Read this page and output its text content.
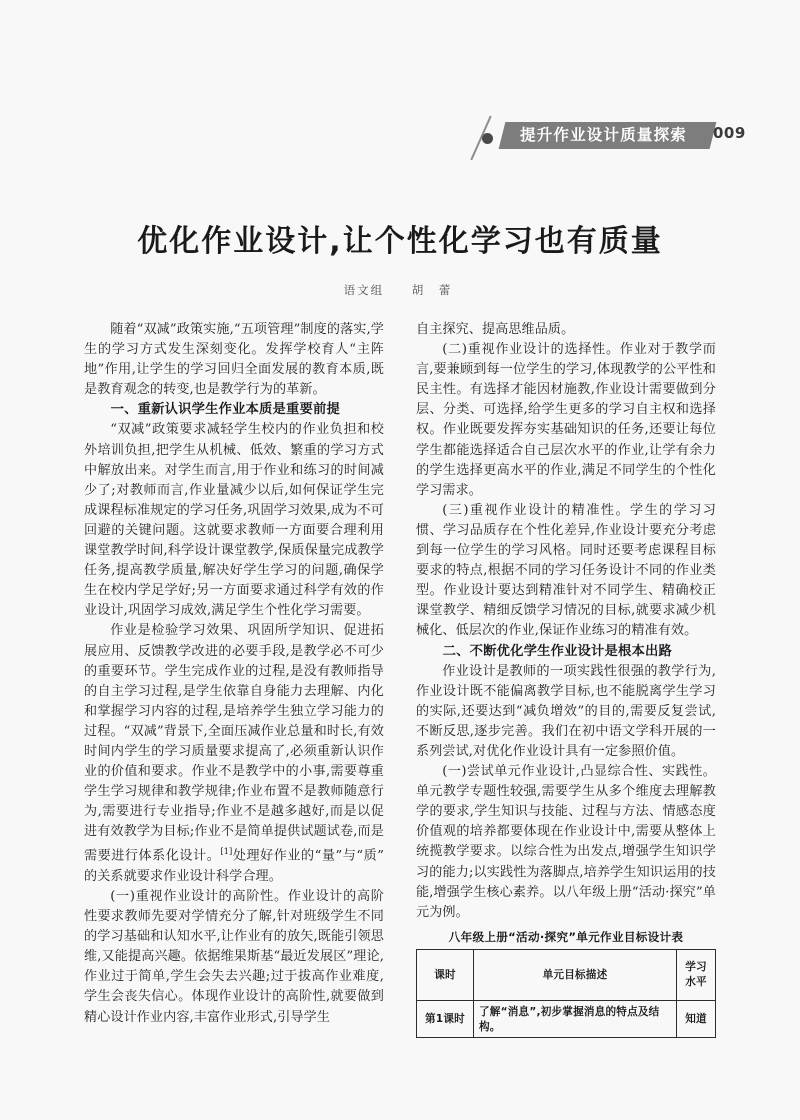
提升作业设计质量探索	009
优化作业设计,让个性化学习也有质量
语文组 胡 蕾

随着“双减”政策实施,“五项管理”制度的落实,学生的学习方式发生深刻变化。发挥学校育人“主阵地”作用,让学生的学习回归全面发展的教育本质,既是教育观念的转变,也是教学行为的革新。

一、重新认识学生作业本质是重要前提

“双减”政策要求减轻学生校内的作业负担和校外培训负担,把学生从机械、低效、繁重的学习方式中解放出来。对学生而言,用于作业和练习的时间减少了;对教师而言,作业量减少以后,如何保证学生完成课程标准规定的学习任务,巩固学习效果,成为不可回避的关键问题。这就要求教师一方面要合理利用课堂教学时间,科学设计课堂教学,保质保量完成教学任务,提高教学质量,解决好学生学习的问题,确保学生在校内学足学好;另一方面要求通过科学有效的作业设计,巩固学习成效,满足学生个性化学习需要。

作业是检验学习效果、巩固所学知识、促进拓展应用、反馈教学改进的必要手段,是教学必不可少的重要环节。学生完成作业的过程,是没有教师指导的自主学习过程,是学生依靠自身能力去理解、内化和掌握学习内容的过程,是培养学生独立学习能力的过程。“双减”背景下,全面压减作业总量和时长,有效时间内学生的学习质量要求提高了,必须重新认识作业的价值和要求。作业不是教学中的小事,需要尊重学生学习规律和教学规律;作业布置不是教师随意行为,需要进行专业指导;作业不是越多越好,而是以促进有效教学为目标;作业不是简单提供试题试卷,而是需要进行体系化设计。[1]处理好作业的“量”与“质”的关系就要求作业设计科学合理。

(一)重视作业设计的高阶性。作业设计的高阶性要求教师先要对学情充分了解,针对班级学生不同的学习基础和认知水平,让作业有的放矢,既能引领思维,又能提高兴趣。依据维果斯基“最近发展区”理论,作业过于简单,学生会失去兴趣;过于拔高作业难度,学生会丧失信心。体现作业设计的高阶性,就要做到精心设计作业内容,丰富作业形式,引导学生

自主探究、提高思维品质。

(二)重视作业设计的选择性。作业对于教学而言,要兼顾到每一位学生的学习,体现教学的公平性和民主性。有选择才能因材施教,作业设计需要做到分层、分类、可选择,给学生更多的学习自主权和选择权。作业既要发挥夯实基础知识的任务,还要让每位学生都能选择适合自己层次水平的作业,让学有余力的学生选择更高水平的作业,满足不同学生的个性化学习需求。

(三)重视作业设计的精准性。学生的学习习惯、学习品质存在个性化差异,作业设计要充分考虑到每一位学生的学习风格。同时还要考虑课程目标要求的特点,根据不同的学习任务设计不同的作业类型。作业设计要达到精准针对不同学生、精确校正课堂教学、精细反馈学习情况的目标,就要求减少机械化、低层次的作业,保证作业练习的精准有效。

二、不断优化学生作业设计是根本出路

作业设计是教师的一项实践性很强的教学行为,作业设计既不能偏离教学目标,也不能脱离学生学习的实际,还要达到“减负增效”的目的,需要反复尝试,不断反思,逐步完善。我们在初中语文学科开展的一系列尝试,对优化作业设计具有一定参照价值。

(一)尝试单元作业设计,凸显综合性、实践性。单元教学专题性较强,需要学生从多个维度去理解教学的要求,学生知识与技能、过程与方法、情感态度价值观的培养都要体现在作业设计中,需要从整体上统揽教学要求。以综合性为出发点,增强学生知识学习的能力;以实践性为落脚点,培养学生知识运用的技能,增强学生核心素养。以八年级上册“活动·探究”单元为例。

八年级上册“活动·探究”单元作业目标设计表
课时	单元目标描述	学习
水平

第1课时	了解“消息”,初步掌握消息的特点及结构。	知道
